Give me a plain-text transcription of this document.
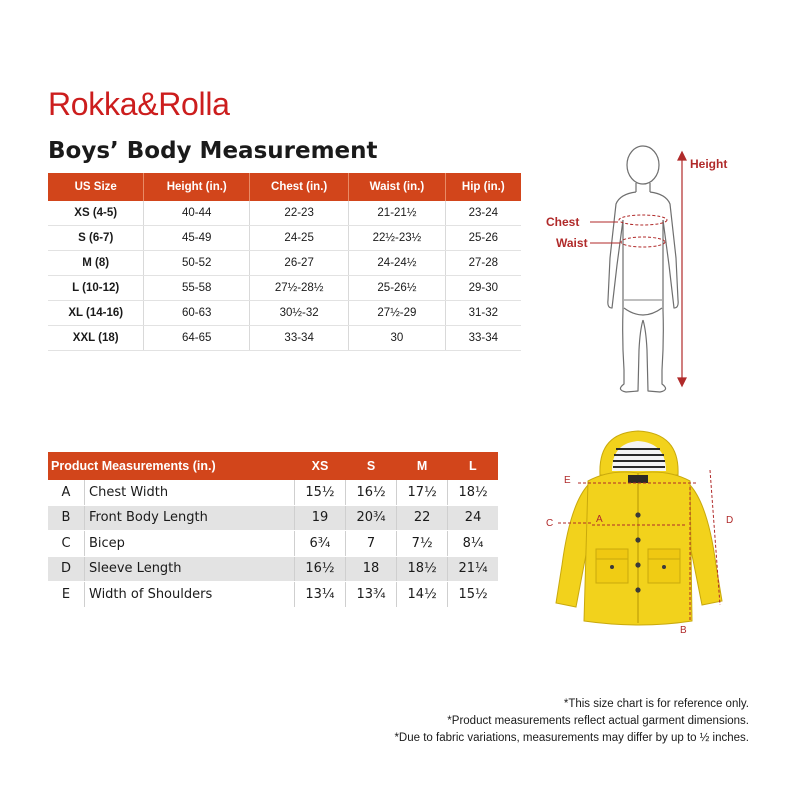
Rokka&Rolla
Boys’ Body Measurement
US Size	Height (in.)	Chest (in.)	Waist (in.)	Hip (in.)
XS (4-5)	40-44	22-23	21-21½	23-24
S (6-7)	45-49	24-25	22½-23½	25-26
M (8)	50-52	26-27	24-24½	27-28
L (10-12)	55-58	27½-28½	25-26½	29-30
XL (14-16)	60-63	30½-32	27½-29	31-32
XXL (18)	64-65	33-34	30	33-34
Height
Chest
Waist
Product Measurements (in.)		XS	S	M	L
A	Chest Width	15½	16½	17½	18½
B	Front Body Length	19	20¾	22	24
C	Bicep	6¾	7	7½	8¼
D	Sleeve Length	16½	18	18½	21¼
E	Width of Shoulders	13¼	13¾	14½	15½
E
A
C	D
B
*This size chart is for reference only.
*Product measurements reflect actual garment dimensions.
*Due to fabric variations, measurements may differ by up to ½ inches.
